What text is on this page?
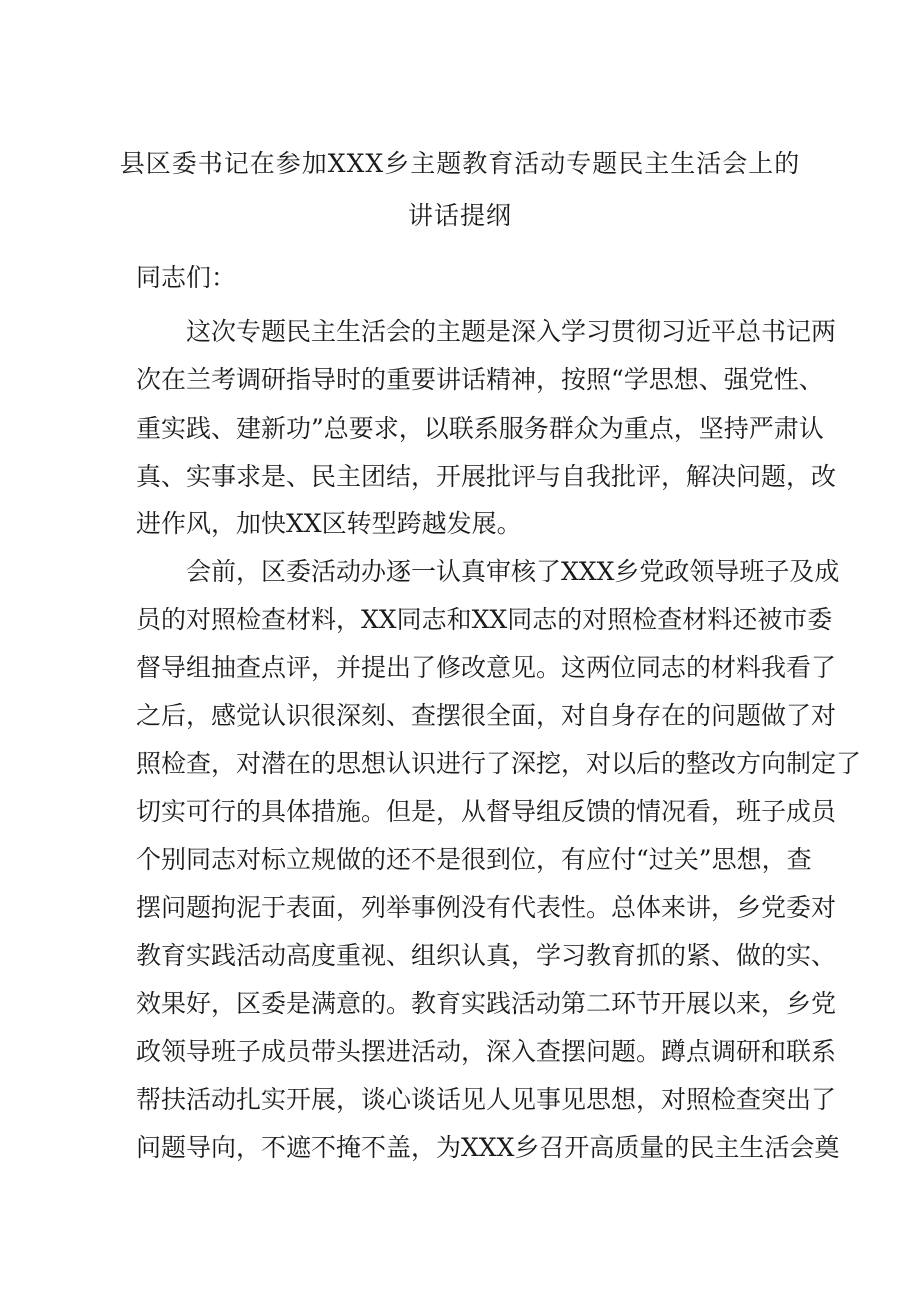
县区委书记在参加XXX乡主题教育活动专题民主生活会上的
讲话提纲
同志们：
这次专题民主生活会的主题是深入学习贯彻习近平总书记两
次在兰考调研指导时的重要讲话精神，按照“学思想、强党性、
重实践、建新功”总要求，以联系服务群众为重点，坚持严肃认
真、实事求是、民主团结，开展批评与自我批评，解决问题，改
进作风，加快XX区转型跨越发展。
会前，区委活动办逐一认真审核了XXX乡党政领导班子及成
员的对照检查材料，XX同志和XX同志的对照检查材料还被市委
督导组抽查点评，并提出了修改意见。这两位同志的材料我看了
之后，感觉认识很深刻、查摆很全面，对自身存在的问题做了对
照检查，对潜在的思想认识进行了深挖，对以后的整改方向制定了
切实可行的具体措施。但是，从督导组反馈的情况看，班子成员
个别同志对标立规做的还不是很到位，有应付“过关”思想，查
摆问题拘泥于表面，列举事例没有代表性。总体来讲，乡党委对
教育实践活动高度重视、组织认真，学习教育抓的紧、做的实、
效果好，区委是满意的。教育实践活动第二环节开展以来，乡党
政领导班子成员带头摆进活动，深入查摆问题。蹲点调研和联系
帮扶活动扎实开展，谈心谈话见人见事见思想，对照检查突出了
问题导向，不遮不掩不盖，为XXX乡召开高质量的民主生活会奠
